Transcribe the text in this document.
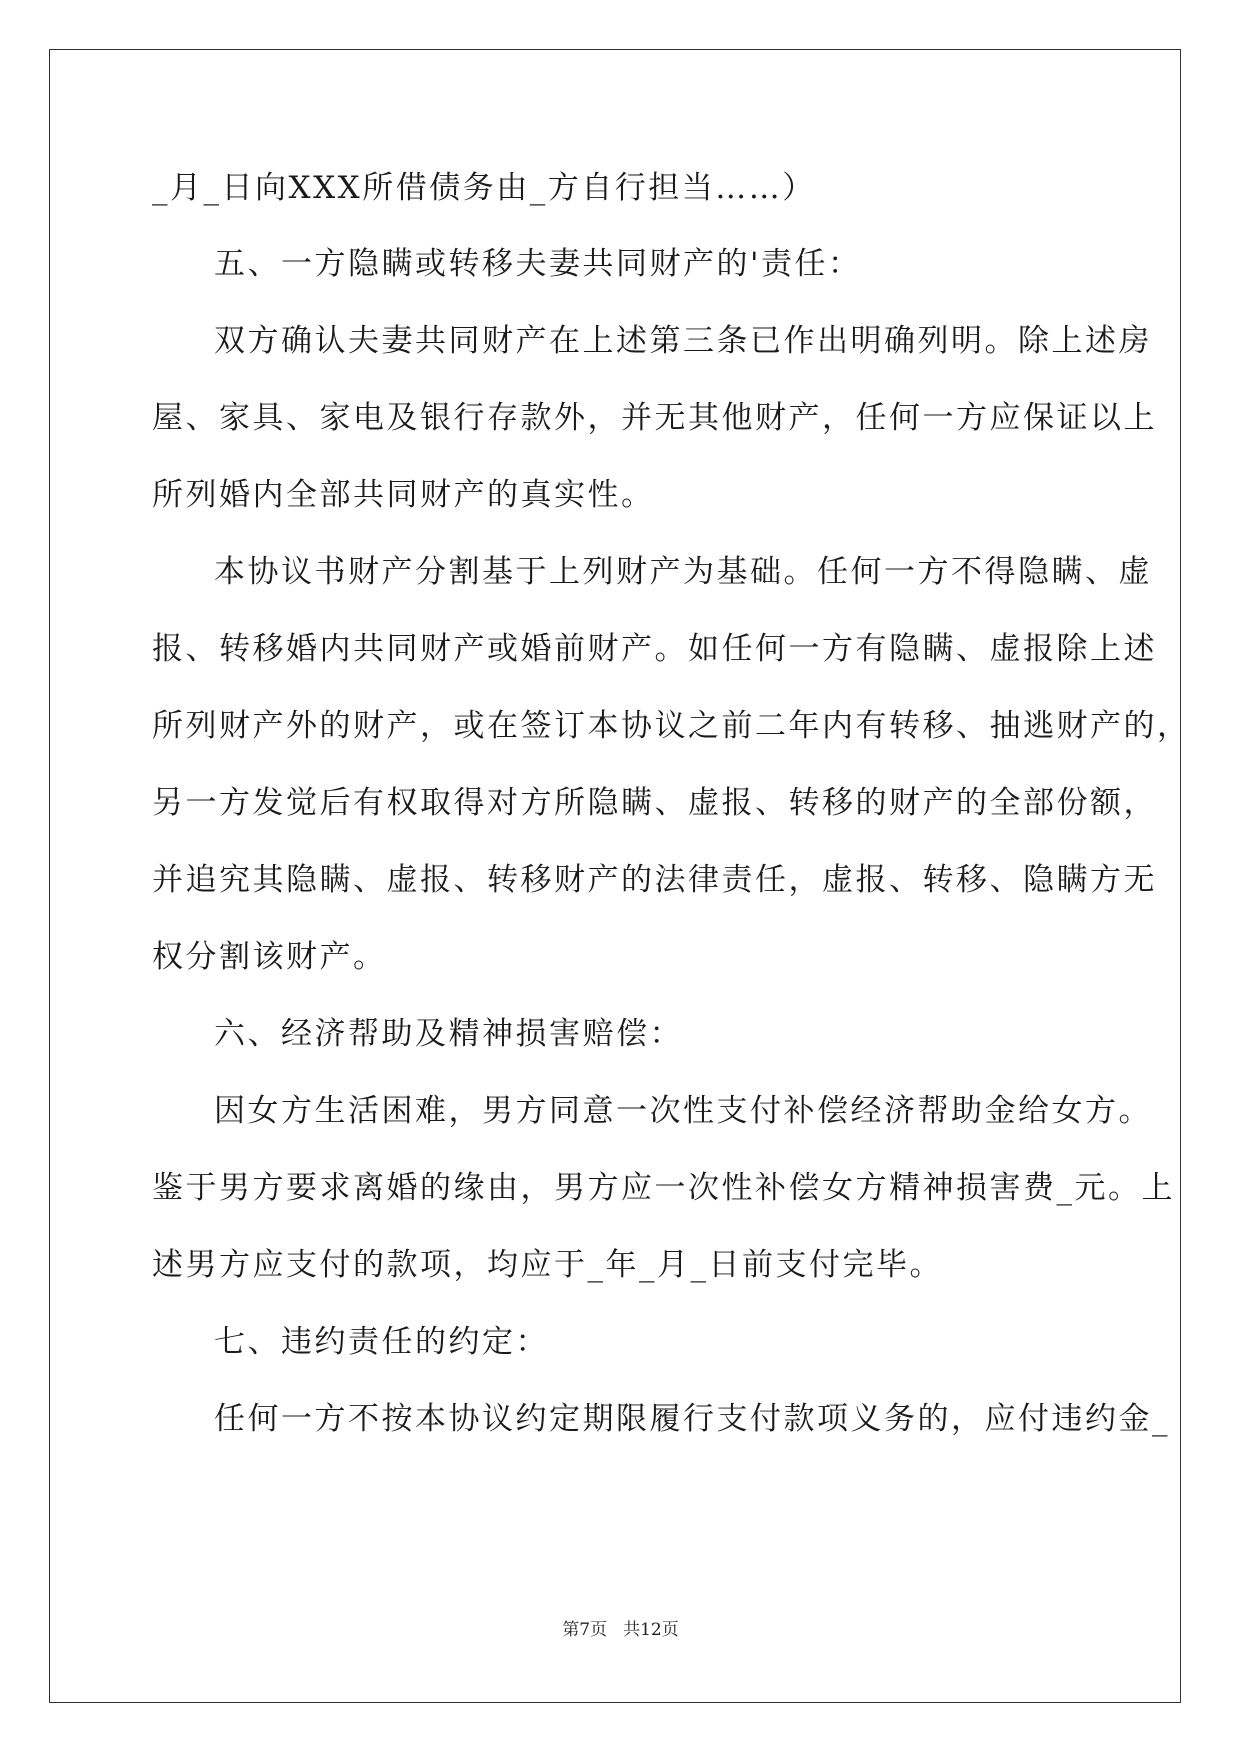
_月_日向XXX所借债务由_方自行担当……）
五、一方隐瞒或转移夫妻共同财产的'责任：
双方确认夫妻共同财产在上述第三条已作出明确列明。除上述房
屋、家具、家电及银行存款外，并无其他财产，任何一方应保证以上
所列婚内全部共同财产的真实性。
本协议书财产分割基于上列财产为基础。任何一方不得隐瞒、虚
报、转移婚内共同财产或婚前财产。如任何一方有隐瞒、虚报除上述
所列财产外的财产，或在签订本协议之前二年内有转移、抽逃财产的，
另一方发觉后有权取得对方所隐瞒、虚报、转移的财产的全部份额，
并追究其隐瞒、虚报、转移财产的法律责任，虚报、转移、隐瞒方无
权分割该财产。
六、经济帮助及精神损害赔偿：
因女方生活困难，男方同意一次性支付补偿经济帮助金给女方。
鉴于男方要求离婚的缘由，男方应一次性补偿女方精神损害费_元。上
述男方应支付的款项，均应于_年_月_日前支付完毕。
七、违约责任的约定：
任何一方不按本协议约定期限履行支付款项义务的，应付违约金_
第7页 共12页
